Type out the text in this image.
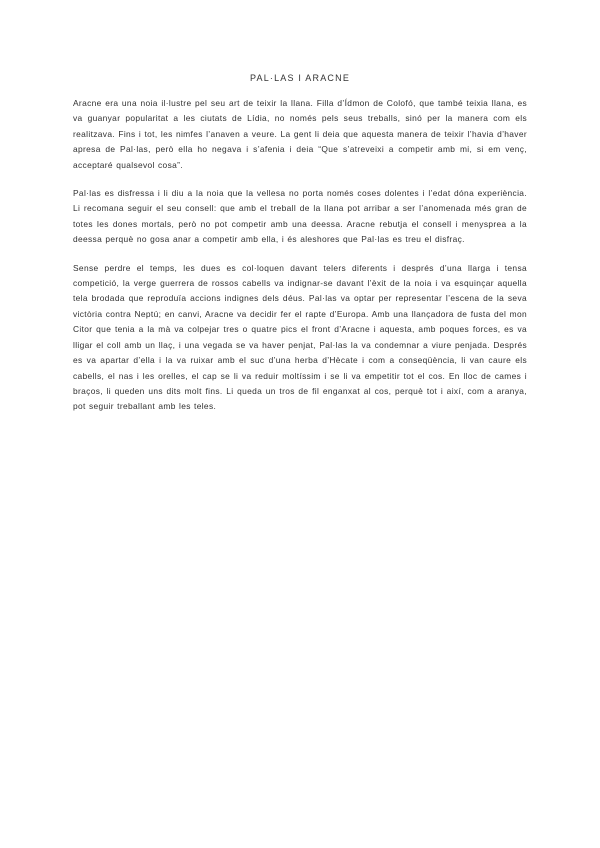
PAL·LAS I ARACNE

Aracne era una noia il·lustre pel seu art de teixir la llana. Filla d’Ídmon de Colofó, que també teixia llana, es va guanyar popularitat a les ciutats de Lídia, no només pels seus treballs, sinó per la manera com els realitzava. Fins i tot, les nimfes l’anaven a veure. La gent li deia que aquesta manera de teixir l’havia d’haver apresa de Pal·las, però ella ho negava i s’afenia i deia “Que s’atreveixi a competir amb mi, si em venç, acceptaré qualsevol cosa”.

Pal·las es disfressa i li diu a la noia que la vellesa no porta només coses dolentes i l’edat dóna experiència. Li recomana seguir el seu consell: que amb el treball de la llana pot arribar a ser l’anomenada més gran de totes les dones mortals, però no pot competir amb una deessa. Aracne rebutja el consell i menysprea a la deessa perquè no gosa anar a competir amb ella, i és aleshores que Pal·las es treu el disfraç.

Sense perdre el temps, les dues es col·loquen davant telers diferents i després d’una llarga i tensa competició, la verge guerrera de rossos cabells va indignar-se davant l’èxit de la noia i va esquinçar aquella tela brodada que reproduïa accions indignes dels déus. Pal·las va optar per representar l’escena de la seva victòria contra Neptú; en canvi, Aracne va decidir fer el rapte d’Europa. Amb una llançadora de fusta del mon Citor que tenia a la mà va colpejar tres o quatre pics el front d’Aracne i aquesta, amb poques forces, es va lligar el coll amb un llaç, i una vegada se va haver penjat, Pal·las la va condemnar a viure penjada. Després es va apartar d’ella i la va ruixar amb el suc d’una herba d’Hècate i com a conseqüència, li van caure els cabells, el nas i les orelles, el cap se li va reduir moltíssim i se li va empetitir tot el cos. En lloc de cames i braços, li queden uns dits molt fins. Li queda un tros de fil enganxat al cos, perquè tot i així, com a aranya, pot seguir treballant amb les teles.
